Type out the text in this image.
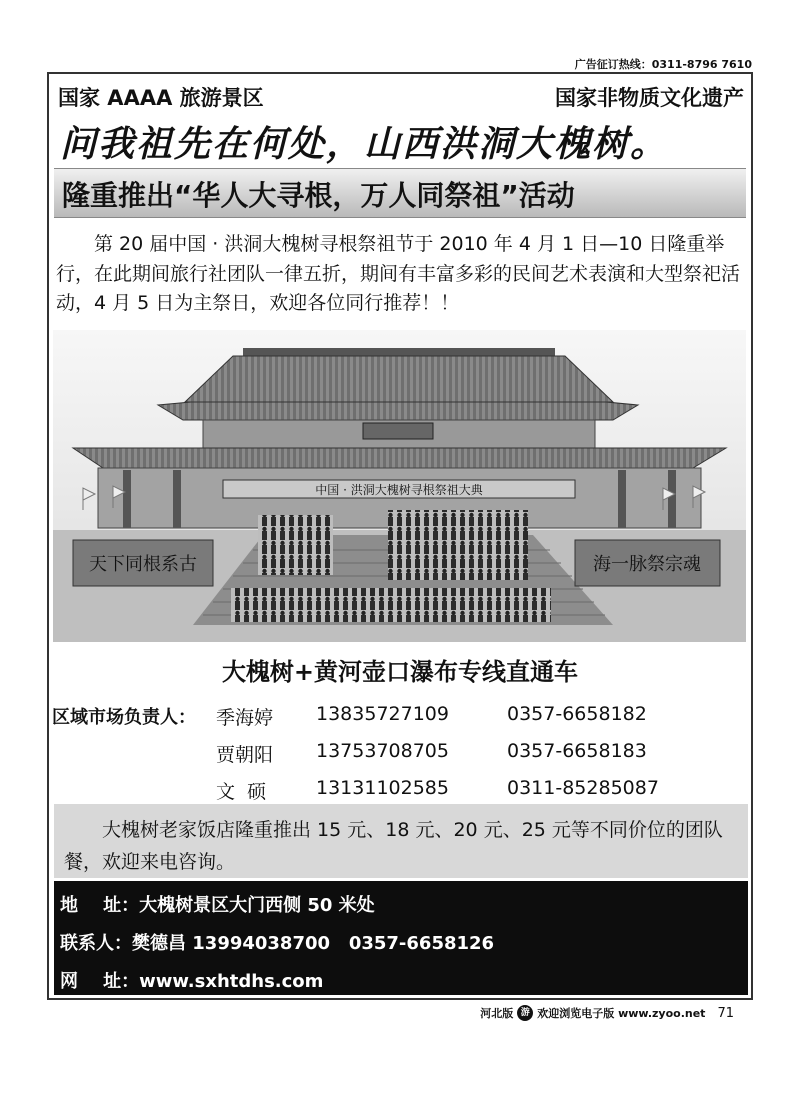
广告征订热线：0311-8796 7610
国家 AAAA 旅游景区	国家非物质文化遗产
问我祖先在何处，山西洪洞大槐树。
隆重推出“华人大寻根，万人同祭祖”活动

第 20 届中国 · 洪洞大槐树寻根祭祖节于 2010 年 4 月 1 日—10 日隆重举行，在此期间旅行社团队一律五折，期间有丰富多彩的民间艺术表演和大型祭祀活动，4 月 5 日为主祭日，欢迎各位同行推荐！！

中国 · 洪洞大槐树寻根祭祖大典
天下同根系古	海一脉祭宗魂
大槐树+黄河壶口瀑布专线直通车
区域市场负责人： 季海婷 13835727109	0357-6658182
贾朝阳 13753708705	0357-6658183
文  硕	13131102585	0311-85285087

大槐树老家饭店隆重推出 15 元、18 元、20 元、25 元等不同价位的团队餐，欢迎来电咨询。

地    址：大槐树景区大门西侧 50 米处
联系人：樊德昌 13994038700   0357-6658126
网    址：www.sxhtdhs.com
河北版 游 欢迎浏览电子版 www.zyoo.net 71
